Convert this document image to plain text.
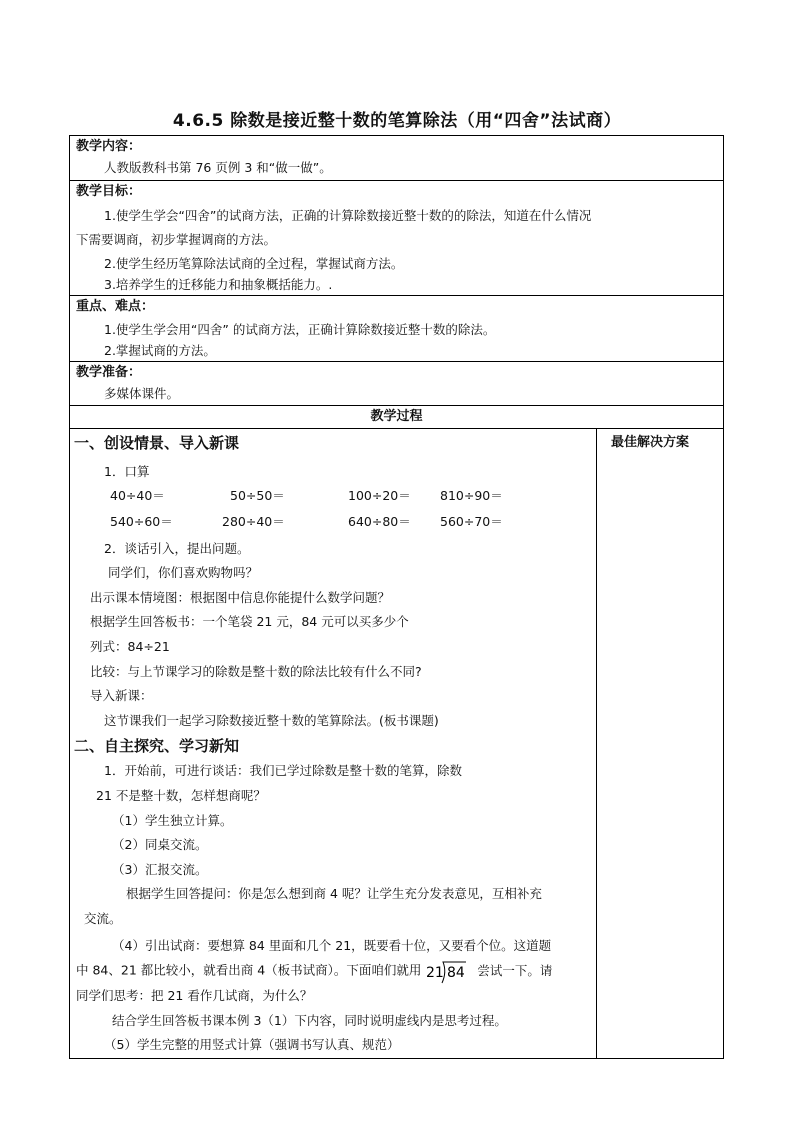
4.6.5 除数是接近整十数的笔算除法（用“四舍”法试商）
教学内容：
人教版教科书第 76 页例 3 和“做一做”。

教学目标：
1.使学生学会“四舍”的试商方法，正确的计算除数接近整十数的的除法，知道在什么情况
下需要调商，初步掌握调商的方法。
2.使学生经历笔算除法试商的全过程，掌握试商方法。
3.培养学生的迁移能力和抽象概括能力。.

重点、难点：
1.使学生学会用“四舍” 的试商方法，正确计算除数接近整十数的除法。
2.掌握试商的方法。

教学准备：
多媒体课件。

教学过程

一、创设情景、导入新课
1．口算
40÷40＝	50÷50＝	100÷20＝ 810÷90＝
540÷60＝	280÷40＝	640÷80＝ 560÷70＝
2．谈话引入，提出问题。
同学们，你们喜欢购物吗？
出示课本情境图：根据图中信息你能提什么数学问题？
根据学生回答板书：一个笔袋 21 元，84 元可以买多少个
列式：84÷21
比较：与上节课学习的除数是整十数的除法比较有什么不同?
导入新课：
这节课我们一起学习除数接近整十数的笔算除法。(板书课题)
二、自主探究、学习新知
1．开始前，可进行谈话：我们已学过除数是整十数的笔算，除数
21 不是整十数，怎样想商呢？
（1）学生独立计算。
（2）同桌交流。
（3）汇报交流。
根据学生回答提问：你是怎么想到商 4 呢？让学生充分发表意见，互相补充
交流。
（4）引出试商：要想算 84 里面和几个 21，既要看十位，又要看个位。这道题
中 84、21 都比较小，就看出商 4（板书试商）。下面咱们就用 21 84 尝试一下。请
同学们思考：把 21 看作几试商，为什么？
结合学生回答板书课本例 3（1）下内容，同时说明虚线内是思考过程。
（5）学生完整的用竖式计算（强调书写认真、规范）

最佳解决方案
